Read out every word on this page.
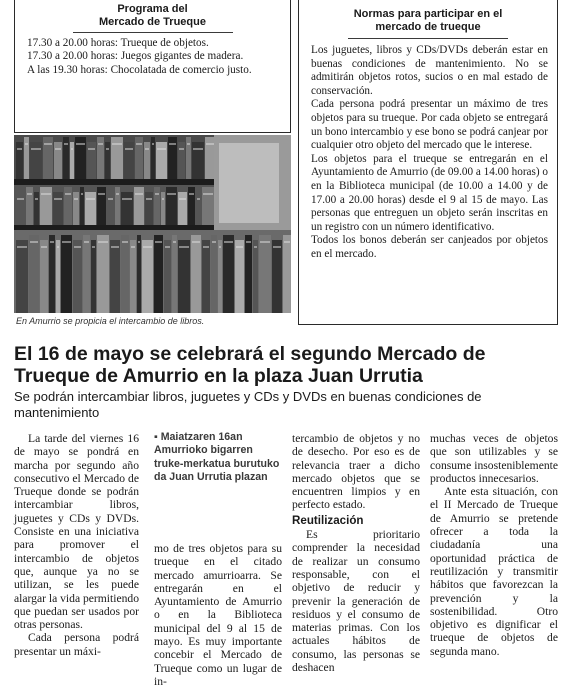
Programa del
Mercado de Trueque

17.30 a 20.00 horas: Trueque de objetos.

17.30 a 20.00 horas: Juegos gigantes de madera.

A las 19.30 horas: Chocolatada de comercio justo.

En Amurrio se propicia el intercambio de libros.
Normas para participar en el
mercado de trueque

Los juguetes, libros y CDs/DVDs deberán estar en buenas condiciones de mantenimiento. No se admitirán objetos rotos, sucios o en mal estado de conservación.

Cada persona podrá presentar un máximo de tres objetos para su trueque. Por cada objeto se entregará un bono intercambio y ese bono se podrá canjear por cualquier otro objeto del mercado que le interese.

Los objetos para el trueque se entregarán en el Ayuntamiento de Amurrio (de 09.00 a 14.00 horas) o en la Biblioteca municipal (de 10.00 a 14.00 y de 17.00 a 20.00 horas) desde el 9 al 15 de mayo. Las personas que entreguen un objeto serán inscritas en un registro con un número identificativo.

Todos los bonos deberán ser canjeados por objetos en el mercado.

El 16 de mayo se celebrará el segundo Mercado de
Trueque de Amurrio en la plaza Juan Urrutia
Se podrán intercambiar libros, juguetes y CDs y DVDs en buenas condiciones de mantenimiento

La tarde del viernes 16 de mayo se pondrá en marcha por segundo año consecutivo el Mercado de Trueque donde se podrán intercambiar libros, juguetes y CDs y DVDs. Consiste en una iniciativa para promover el intercambio de objetos que, aunque ya no se utilizan, se les puede alargar la vida permitiendo que puedan ser usados por otras personas.

Cada persona podrá presentar un máxi-

▪ Maiatzaren 16an Amurrioko bigarren truke-merkatua burutuko da Juan Urrutia plazan

mo de tres objetos para su trueque en el citado mercado amurrioarra. Se entregarán en el Ayuntamiento de Amurrio o en la Biblioteca municipal del 9 al 15 de mayo. Es muy importante concebir el Mercado de Trueque como un lugar de in-

tercambio de objetos y no de desecho. Por eso es de relevancia traer a dicho mercado objetos que se encuentren limpios y en perfecto estado.

Reutilización

Es prioritario comprender la necesidad de realizar un consumo responsable, con el objetivo de reducir y prevenir la generación de residuos y el consumo de materias primas. Con los actuales hábitos de consumo, las personas se deshacen

muchas veces de objetos que son utilizables y se consume insosteniblemente productos innecesarios.

Ante esta situación, con el II Mercado de Trueque de Amurrio se pretende ofrecer a toda la ciudadanía una oportunidad práctica de reutilización y transmitir hábitos que favorezcan la prevención y la sostenibilidad. Otro objetivo es dignificar el trueque de objetos de segunda mano.
